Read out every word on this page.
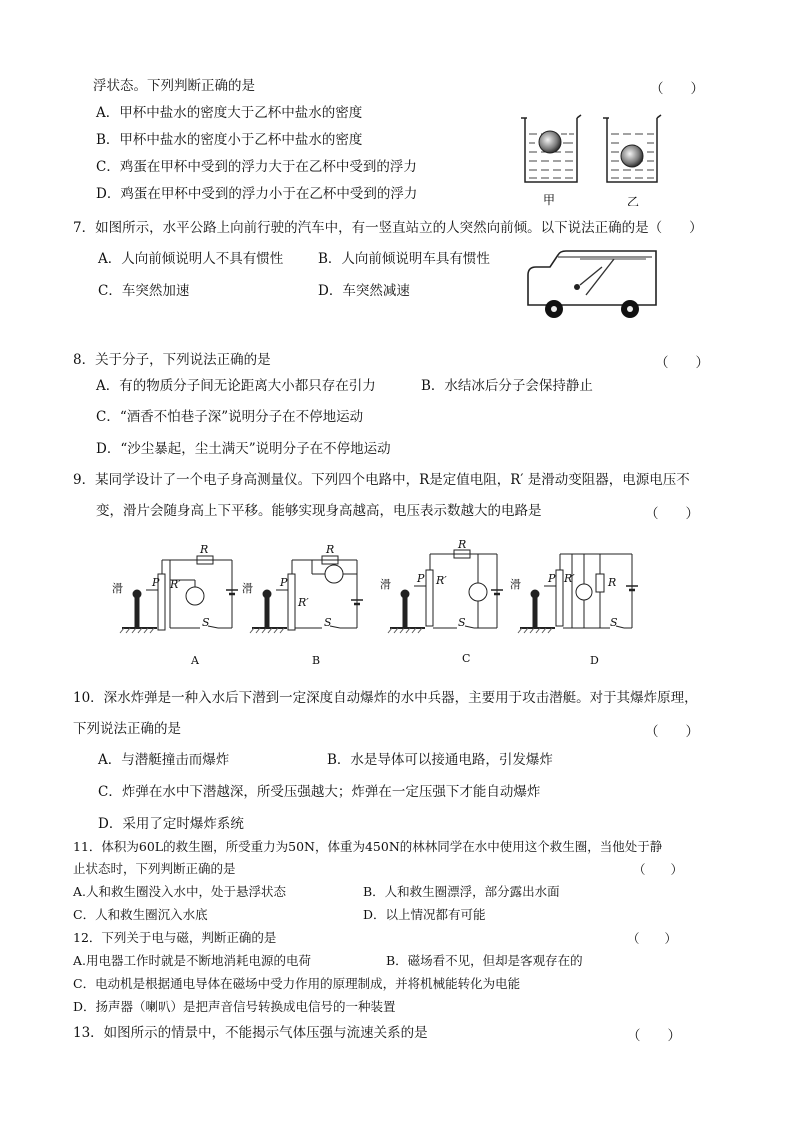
浮状态。下列判断正确的是	（　　）
A．甲杯中盐水的密度大于乙杯中盐水的密度
B．甲杯中盐水的密度小于乙杯中盐水的密度
C．鸡蛋在甲杯中受到的浮力大于在乙杯中受到的浮力
D．鸡蛋在甲杯中受到的浮力小于在乙杯中受到的浮力	甲	乙
7．如图所示，水平公路上向前行驶的汽车中，有一竖直站立的人突然向前倾。以下说法正确的是（　　）
A．人向前倾说明人不具有惯性	B．人向前倾说明车具有惯性
C．车突然加速	D．车突然减速
8．关于分子，下列说法正确的是	（　　）
A．有的物质分子间无论距离大小都只存在引力	B．水结冰后分子会保持静止
C．“酒香不怕巷子深”说明分子在不停地运动
D．“沙尘暴起，尘土满天”说明分子在不停地运动
9．某同学设计了一个电子身高测量仪。下列四个电路中，R是定值电阻，R′ 是滑动变阻器，电源电压不
变，滑片会随身高上下平移。能够实现身高越高，电压表示数越大的电路是	（　　）
滑	P R′
R
S
A
滑 P
R′
R
S
B
滑 P R′
R
S
C
滑 P R′	R
S
D
10．深水炸弹是一种入水后下潜到一定深度自动爆炸的水中兵器，主要用于攻击潜艇。对于其爆炸原理，
下列说法正确的是	（　　）
A．与潜艇撞击而爆炸	B．水是导体可以接通电路，引发爆炸
C．炸弹在水中下潜越深，所受压强越大；炸弹在一定压强下才能自动爆炸
D．采用了定时爆炸系统
11．体积为60L的救生圈，所受重力为50N，体重为450N的林林同学在水中使用这个救生圈，当他处于静
止状态时，下列判断正确的是	（　　）
A.人和救生圈没入水中，处于悬浮状态	B．人和救生圈漂浮，部分露出水面
C．人和救生圈沉入水底	D．以上情况都有可能
12．下列关于电与磁，判断正确的是	（　　）
A.用电器工作时就是不断地消耗电源的电荷	B．磁场看不见，但却是客观存在的
C．电动机是根据通电导体在磁场中受力作用的原理制成，并将机械能转化为电能
D．扬声器（喇叭）是把声音信号转换成电信号的一种装置
13．如图所示的情景中，不能揭示气体压强与流速关系的是	（　　）
